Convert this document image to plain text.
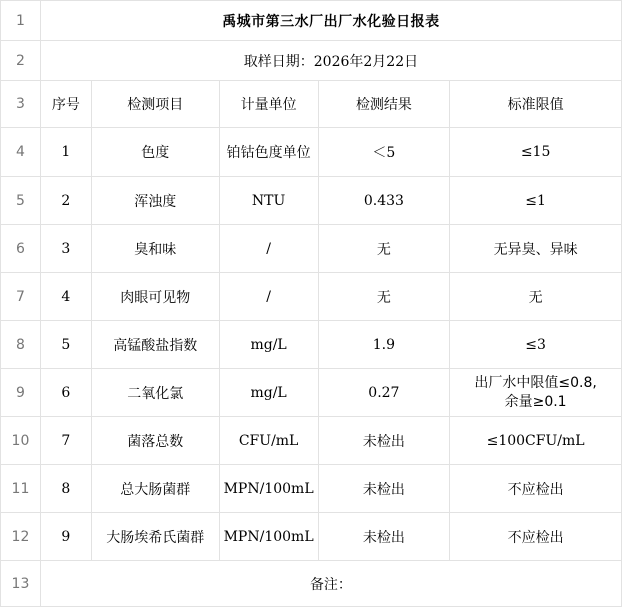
1	禹城市第三水厂出厂水化验日报表				
2	取样日期：2026年2月22日				
3	序号	检测项目	计量单位	检测结果	标准限值
4	1	色度	铂钴色度单位	＜5	≤15
5	2	浑浊度	NTU	0.433	≤1
6	3	臭和味	/	无	无异臭、异味
7	4	肉眼可见物	/	无	无
8	5	高锰酸盐指数	mg/L	1.9	≤3
9	6	二氧化氯	mg/L	0.27	出厂水中限值≤0.8,
余量≥0.1

10	7	菌落总数	CFU/mL	未检出	≤100CFU/mL
11	8	总大肠菌群	MPN/100mL	未检出	不应检出
12	9	大肠埃希氏菌群	MPN/100mL	未检出	不应检出
13	备注：				
